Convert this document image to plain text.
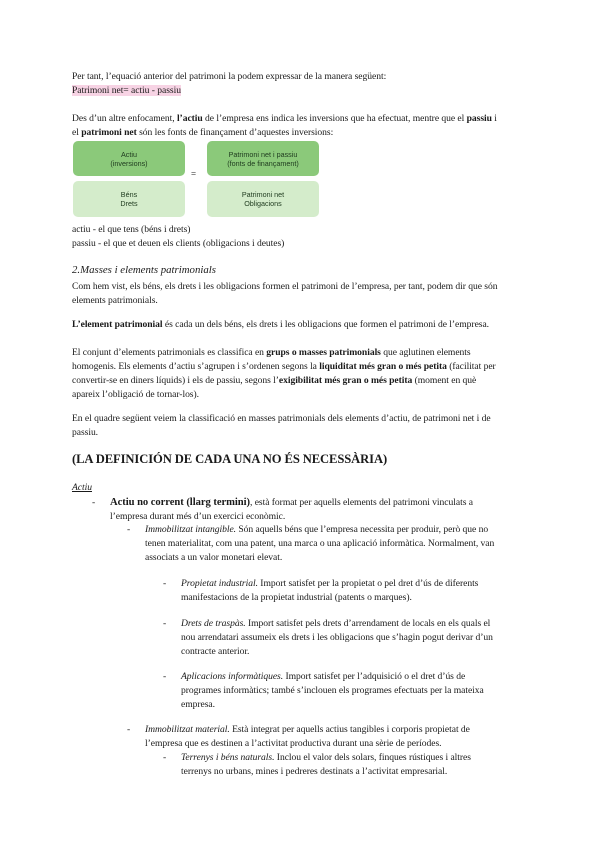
Per tant, l’equació anterior del patrimoni la podem expressar de la manera següent:

Patrimoni net= actiu - passiu

Des d’un altre enfocament, l’actiu de l’empresa ens indica les inversions que ha efectuat, mentre que el passiu i

el patrimoni net són les fonts de finançament d’aquestes inversions:

Actiu
(inversions)
Patrimoni net i passiu
(fonts de finançament)
=
Béns
Drets
Patrimoni net
Obligacions

actiu - el que tens (béns i drets)

passiu - el que et deuen els clients (obligacions i deutes)

2.Masses i elements patrimonials

Com hem vist, els béns, els drets i les obligacions formen el patrimoni de l’empresa, per tant, podem dir que són

elements patrimonials.

L’element patrimonial és cada un dels béns, els drets i les obligacions que formen el patrimoni de l’empresa.

El conjunt d’elements patrimonials es classifica en grups o masses patrimonials que aglutinen elements

homogenis. Els elements d’actiu s’agrupen i s’ordenen segons la liquiditat més gran o més petita (facilitat per

convertir-se en diners líquids) i els de passiu, segons l’exigibilitat més gran o més petita (moment en què

apareix l’obligació de tornar-los).

En el quadre següent veiem la classificació en masses patrimonials dels elements d’actiu, de patrimoni net i de

passiu.

(LA DEFINICIÓN DE CADA UNA NO ÉS NECESSÀRIA)

Actiu

- Actiu no corrent (llarg termini), està format per aquells elements del patrimoni vinculats a

l’empresa durant més d’un exercici econòmic.

- Immobilitzat intangible. Són aquells béns que l’empresa necessita per produir, però que no

tenen materialitat, com una patent, una marca o una aplicació informàtica. Normalment, van

associats a un valor monetari elevat.

- Propietat industrial. Import satisfet per la propietat o pel dret d’ús de diferents

manifestacions de la propietat industrial (patents o marques).

- Drets de traspàs. Import satisfet pels drets d’arrendament de locals en els quals el

nou arrendatari assumeix els drets i les obligacions que s’hagin pogut derivar d’un

contracte anterior.

- Aplicacions informàtiques. Import satisfet per l’adquisició o el dret d’ús de

programes informàtics; també s’inclouen els programes efectuats per la mateixa

empresa.

- Immobilitzat material. Està integrat per aquells actius tangibles i corporis propietat de

l’empresa que es destinen a l’activitat productiva durant una sèrie de períodes.

- Terrenys i béns naturals. Inclou el valor dels solars, finques rústiques i altres

terrenys no urbans, mines i pedreres destinats a l’activitat empresarial.
